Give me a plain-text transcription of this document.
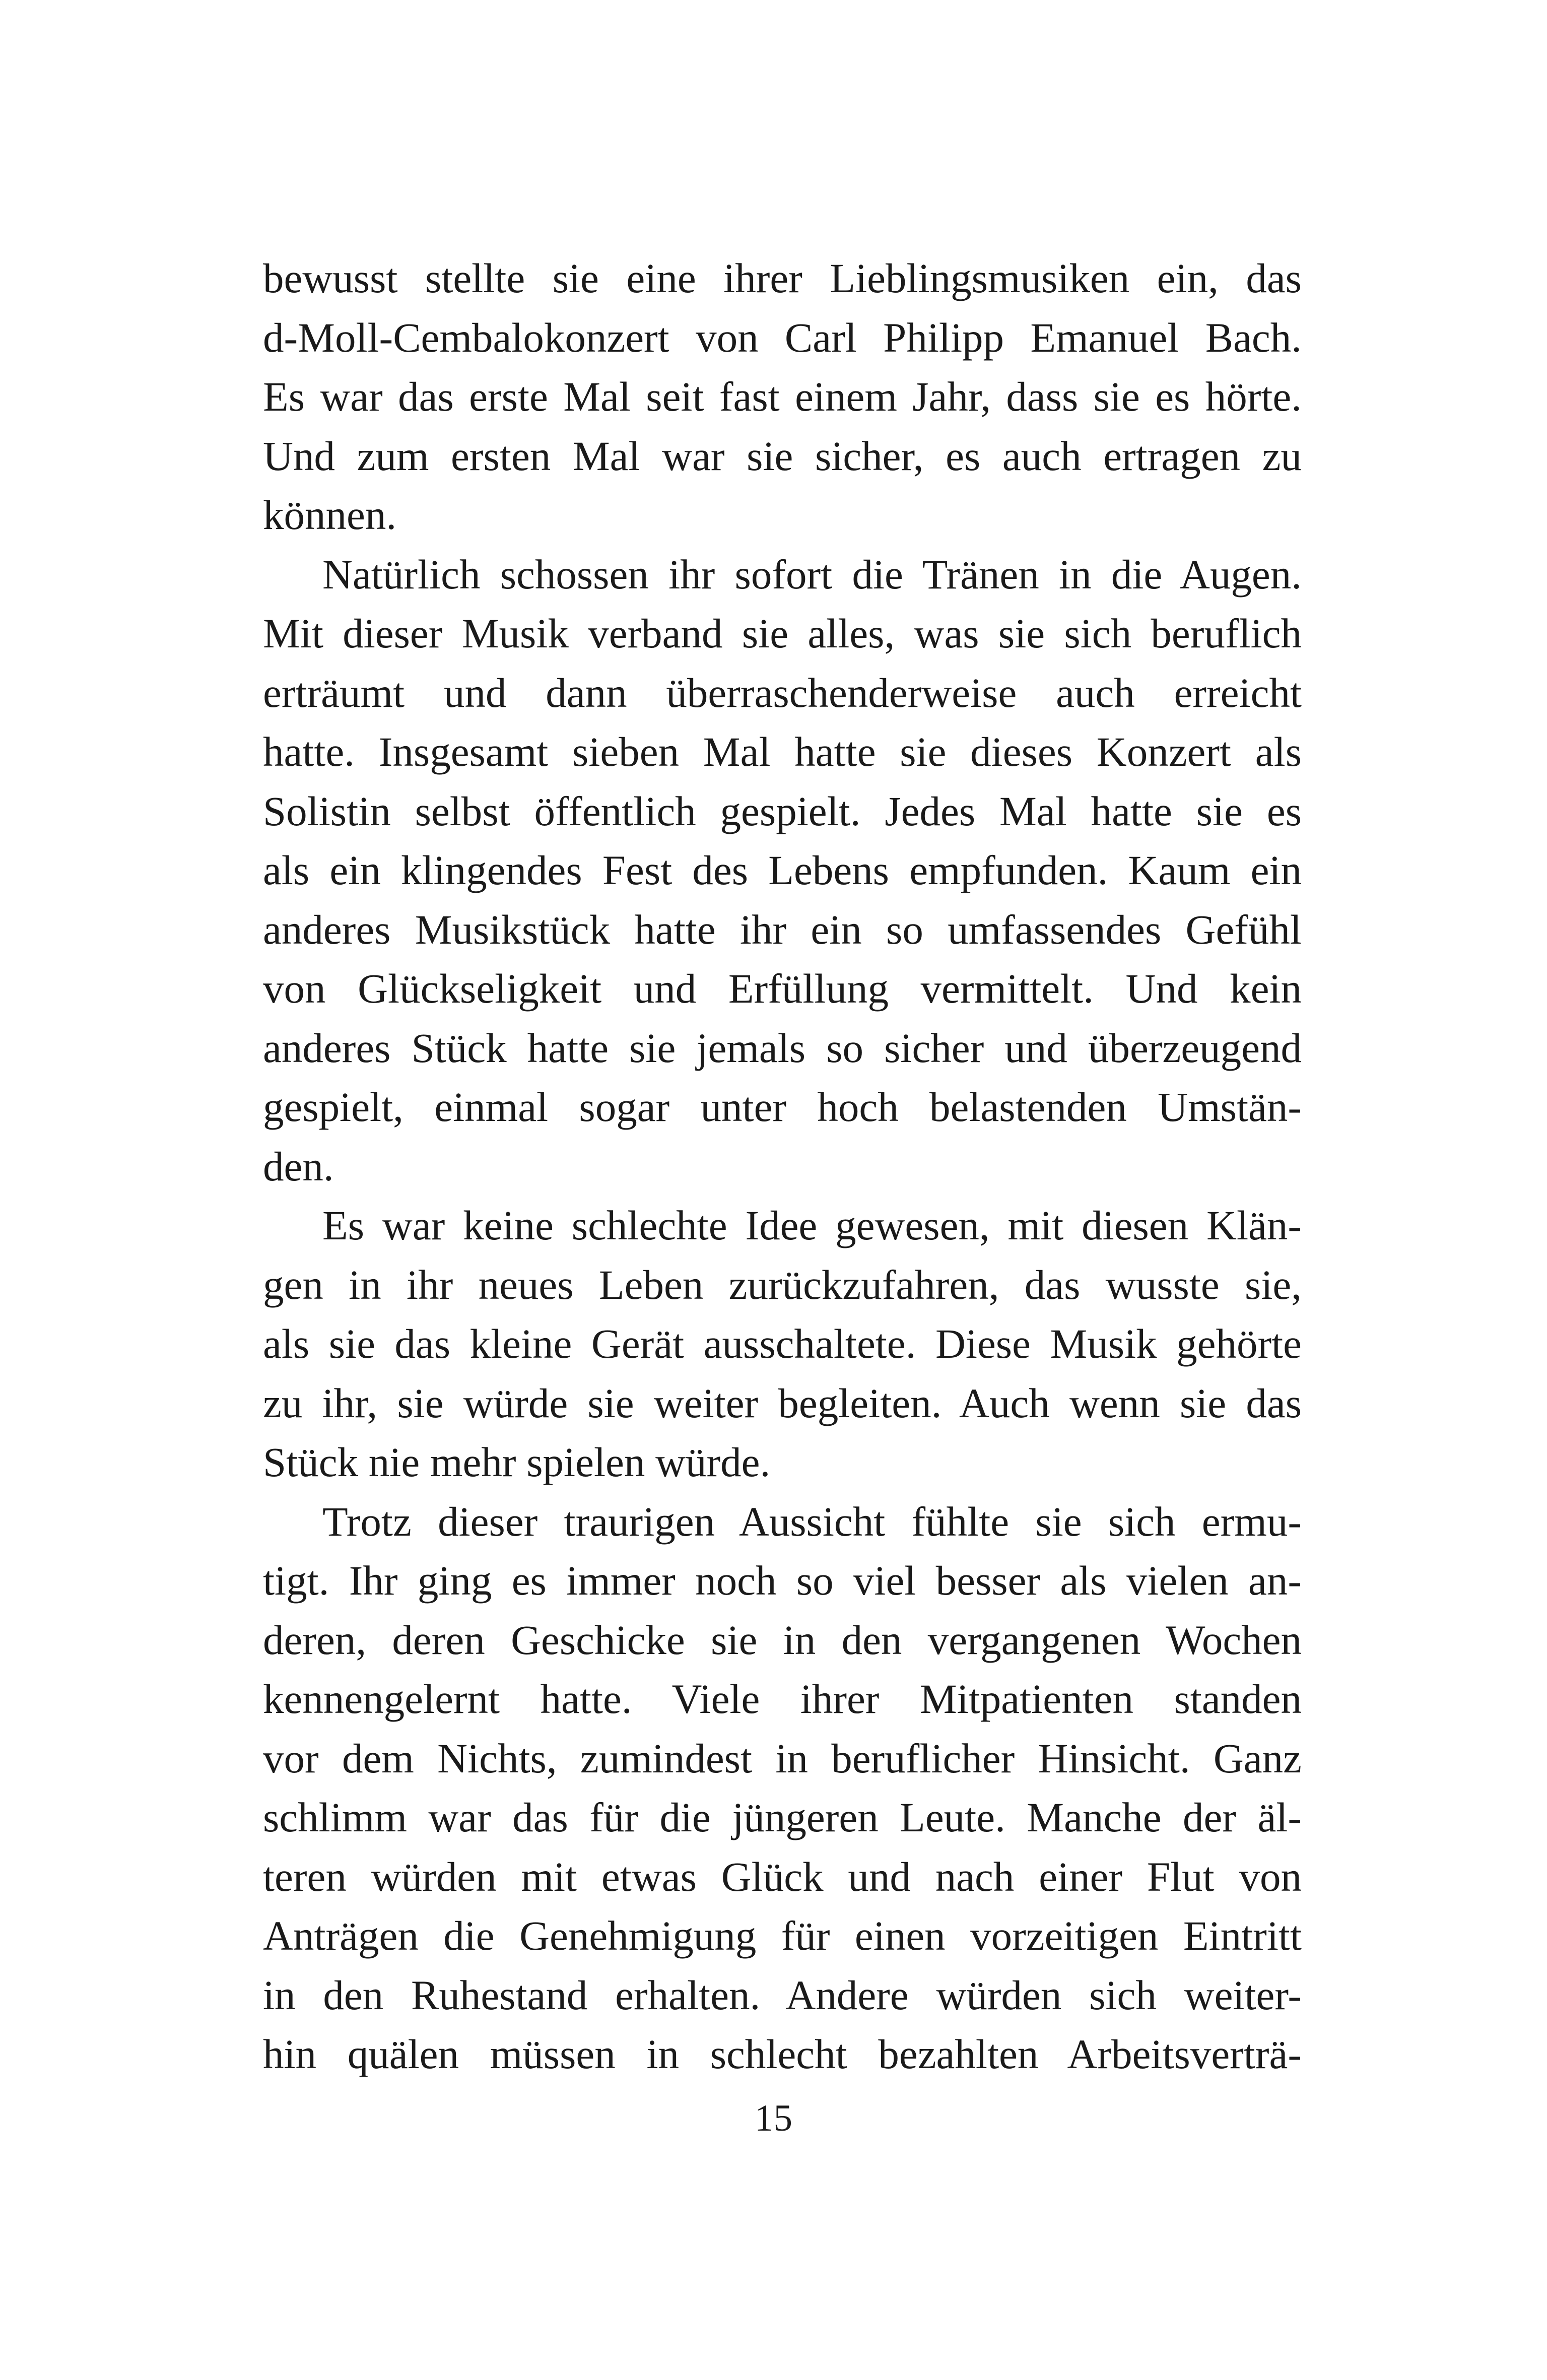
bewusst stellte sie eine ihrer Lieblingsmusiken ein, das
d-Moll-Cembalokonzert von Carl Philipp Emanuel Bach.
Es war das erste Mal seit fast einem Jahr, dass sie es hörte.
Und zum ersten Mal war sie sicher, es auch ertragen zu
können.
Natürlich schossen ihr sofort die Tränen in die Augen.
Mit dieser Musik verband sie alles, was sie sich beruflich
erträumt und dann überraschenderweise auch erreicht
hatte. Insgesamt sieben Mal hatte sie dieses Konzert als
Solistin selbst öffentlich gespielt. Jedes Mal hatte sie es
als ein klingendes Fest des Lebens empfunden. Kaum ein
anderes Musikstück hatte ihr ein so umfassendes Gefühl
von Glückseligkeit und Erfüllung vermittelt. Und kein
anderes Stück hatte sie jemals so sicher und überzeugend
gespielt, einmal sogar unter hoch belastenden Umstän-
den.
Es war keine schlechte Idee gewesen, mit diesen Klän-
gen in ihr neues Leben zurückzufahren, das wusste sie,
als sie das kleine Gerät ausschaltete. Diese Musik gehörte
zu ihr, sie würde sie weiter begleiten. Auch wenn sie das
Stück nie mehr spielen würde.
Trotz dieser traurigen Aussicht fühlte sie sich ermu-
tigt. Ihr ging es immer noch so viel besser als vielen an-
deren, deren Geschicke sie in den vergangenen Wochen
kennengelernt hatte. Viele ihrer Mitpatienten standen
vor dem Nichts, zumindest in beruflicher Hinsicht. Ganz
schlimm war das für die jüngeren Leute. Manche der äl-
teren würden mit etwas Glück und nach einer Flut von
Anträgen die Genehmigung für einen vorzeitigen Eintritt
in den Ruhestand erhalten. Andere würden sich weiter-
hin quälen müssen in schlecht bezahlten Arbeitsverträ-
15
